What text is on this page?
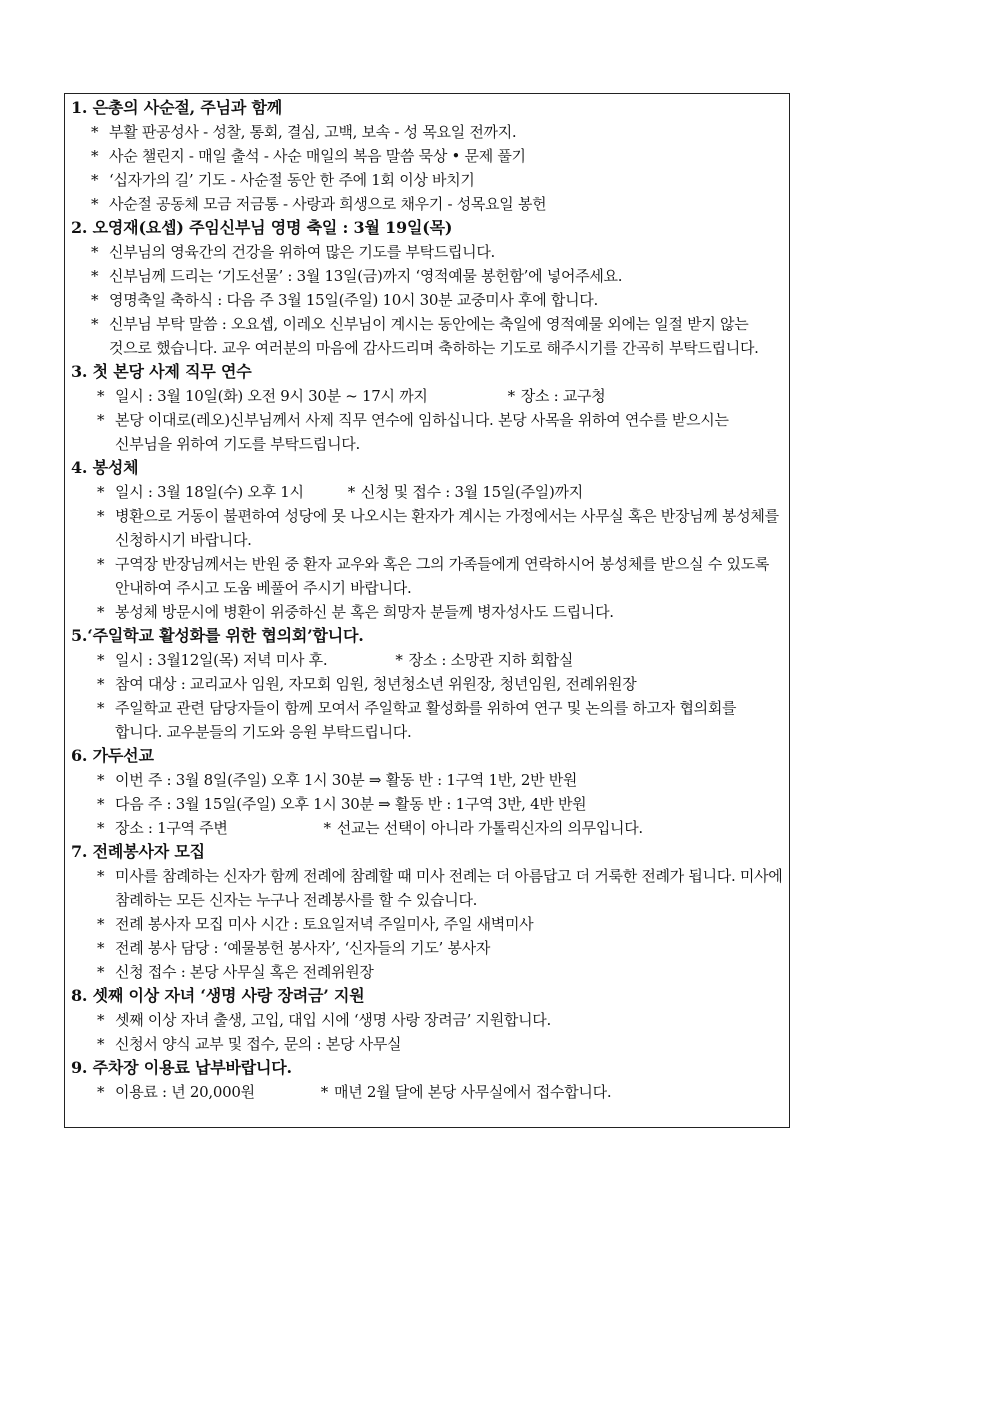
1. 은총의 사순절, 주님과 함께
* 부활 판공성사 - 성찰, 통회, 결심, 고백, 보속 - 성 목요일 전까지.
* 사순 챌린지 - 매일 출석 - 사순 매일의 복음 말씀 묵상 • 문제 풀기
* ‘십자가의 길’ 기도 - 사순절 동안 한 주에 1회 이상 바치기
* 사순절 공동체 모금 저금통 - 사랑과 희생으로 채우기 - 성목요일 봉헌
2. 오영재(요셉) 주임신부님 영명 축일 : 3월 19일(목)
* 신부님의 영육간의 건강을 위하여 많은 기도를 부탁드립니다.
* 신부님께 드리는 ‘기도선물’ : 3월 13일(금)까지 ‘영적예물 봉헌함’에 넣어주세요.
* 영명축일 축하식 : 다음 주 3월 15일(주일) 10시 30분 교중미사 후에 합니다.
* 신부님 부탁 말씀 : 오요셉, 이레오 신부님이 계시는 동안에는 축일에 영적예물 외에는 일절 받지 않는 것으로 했습니다. 교우 여러분의 마음에 감사드리며 축하하는 기도로 해주시기를 간곡히 부탁드립니다.
3. 첫 본당 사제 직무 연수
* 일시 : 3월 10일(화) 오전 9시 30분 ~ 17시 까지	* 장소 : 교구청
* 본당 이대로(레오)신부님께서 사제 직무 연수에 임하십니다. 본당 사목을 위하여 연수를 받으시는 신부님을 위하여 기도를 부탁드립니다.
4. 봉성체
* 일시 : 3월 18일(수) 오후 1시	* 신청 및 접수 : 3월 15일(주일)까지
* 병환으로 거동이 불편하여 성당에 못 나오시는 환자가 계시는 가정에서는 사무실 혹은 반장님께 봉성체를 신청하시기 바랍니다.
* 구역장 반장님께서는 반원 중 환자 교우와 혹은 그의 가족들에게 연락하시어 봉성체를 받으실 수 있도록 안내하여 주시고 도움 베풀어 주시기 바랍니다.
* 봉성체 방문시에 병환이 위중하신 분 혹은 희망자 분들께 병자성사도 드립니다.
5.‘주일학교 활성화를 위한 협의회’합니다.
* 일시 : 3월12일(목) 저녁 미사 후.	* 장소 : 소망관 지하 회합실
* 참여 대상 : 교리교사 임원, 자모회 임원, 청년청소년 위원장, 청년임원, 전례위원장
* 주일학교 관련 담당자들이 함께 모여서 주일학교 활성화를 위하여 연구 및 논의를 하고자 협의회를 합니다. 교우분들의 기도와 응원 부탁드립니다.
6. 가두선교
* 이번 주 : 3월 8일(주일) 오후 1시 30분 ⇒ 활동 반 : 1구역 1반, 2반 반원
* 다음 주 : 3월 15일(주일) 오후 1시 30분 ⇒ 활동 반 : 1구역 3반, 4반 반원
* 장소 : 1구역 주변	* 선교는 선택이 아니라 가톨릭신자의 의무입니다.
7. 전례봉사자 모집
* 미사를 참례하는 신자가 함께 전례에 참례할 때 미사 전례는 더 아름답고 더 거룩한 전례가 됩니다. 미사에 참례하는 모든 신자는 누구나 전례봉사를 할 수 있습니다.
* 전례 봉사자 모집 미사 시간 : 토요일저녁 주일미사, 주일 새벽미사
* 전례 봉사 담당 : ‘예물봉헌 봉사자’, ‘신자들의 기도’ 봉사자
* 신청 접수 : 본당 사무실 혹은 전례위원장
8. 셋째 이상 자녀 ‘생명 사랑 장려금’ 지원
* 셋째 이상 자녀 출생, 고입, 대입 시에 ‘생명 사랑 장려금’ 지원합니다.
* 신청서 양식 교부 및 접수, 문의 : 본당 사무실
9. 주차장 이용료 납부바랍니다.
* 이용료 : 년 20,000원	* 매년 2월 달에 본당 사무실에서 접수합니다.
